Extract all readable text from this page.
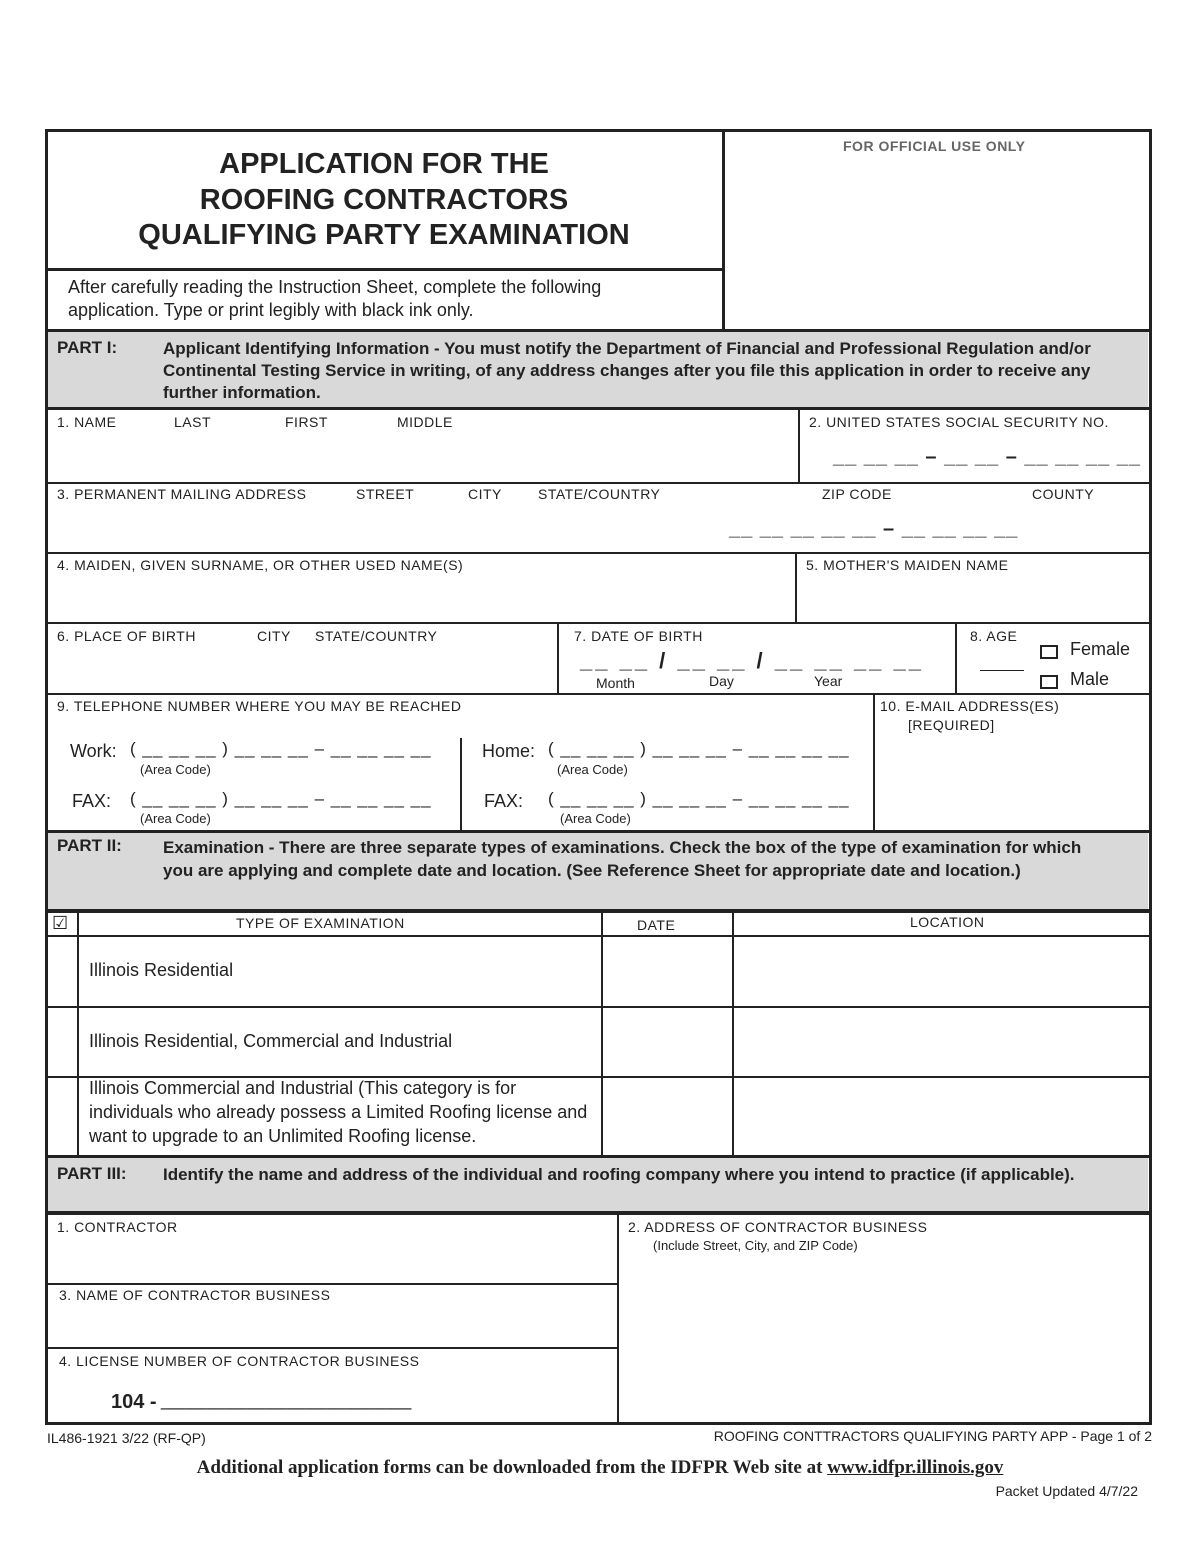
APPLICATION FOR THE
ROOFING CONTRACTORS
QUALIFYING PARTY EXAMINATION
FOR OFFICIAL USE ONLY
After carefully reading the Instruction Sheet, complete the following application. Type or print legibly with black ink only.
PART I:	Applicant Identifying Information - You must notify the Department of Financial and Professional Regulation and/or Continental Testing Service in writing, of any address changes after you file this application in order to receive any further information.
1. NAME	LAST	FIRST	MIDDLE	2. UNITED STATES SOCIAL SECURITY NO.
__ __ __ – __ __ – __ __ __ __
3. PERMANENT MAILING ADDRESS	STREET	CITY	STATE/COUNTRY	ZIP CODE	COUNTY
__ __ __ __ __ – __ __ __ __
4. MAIDEN, GIVEN SURNAME, OR OTHER USED NAME(S)	5. MOTHER'S MAIDEN NAME
6. PLACE OF BIRTH	CITY STATE/COUNTRY	7. DATE OF BIRTH
__ __ / __ __ / __ __ __ __
Month	Day	Year
8. AGE
Female
Male
9. TELEPHONE NUMBER WHERE YOU MAY BE REACHED	10. E-MAIL ADDRESS(ES)
[REQUIRED]
Work: ( __ __ __ ) __ __ __ – __ __ __ __
(Area Code)
FAX: ( __ __ __ ) __ __ __ – __ __ __ __
(Area Code)
Home: ( __ __ __ ) __ __ __ – __ __ __ __
(Area Code)
FAX: ( __ __ __ ) __ __ __ – __ __ __ __
(Area Code)
PART II: Examination - There are three separate types of examinations. Check the box of the type of examination for which you are applying and complete date and location. (See Reference Sheet for appropriate date and location.)
☑	TYPE OF EXAMINATION	DATE	LOCATION
Illinois Residential
Illinois Residential, Commercial and Industrial
Illinois Commercial and Industrial (This category is for individuals who already possess a Limited Roofing license and want to upgrade to an Unlimited Roofing license.
PART III: Identify the name and address of the individual and roofing company where you intend to practice (if applicable).
1. CONTRACTOR	2. ADDRESS OF CONTRACTOR BUSINESS
(Include Street, City, and ZIP Code)
3. NAME OF CONTRACTOR BUSINESS
4. LICENSE NUMBER OF CONTRACTOR BUSINESS
104 - _________________________
IL486-1921 3/22 (RF-QP)	ROOFING CONTTRACTORS QUALIFYING PARTY APP - Page 1 of 2
Additional application forms can be downloaded from the IDFPR Web site at www.idfpr.illinois.gov
Packet Updated 4/7/22
